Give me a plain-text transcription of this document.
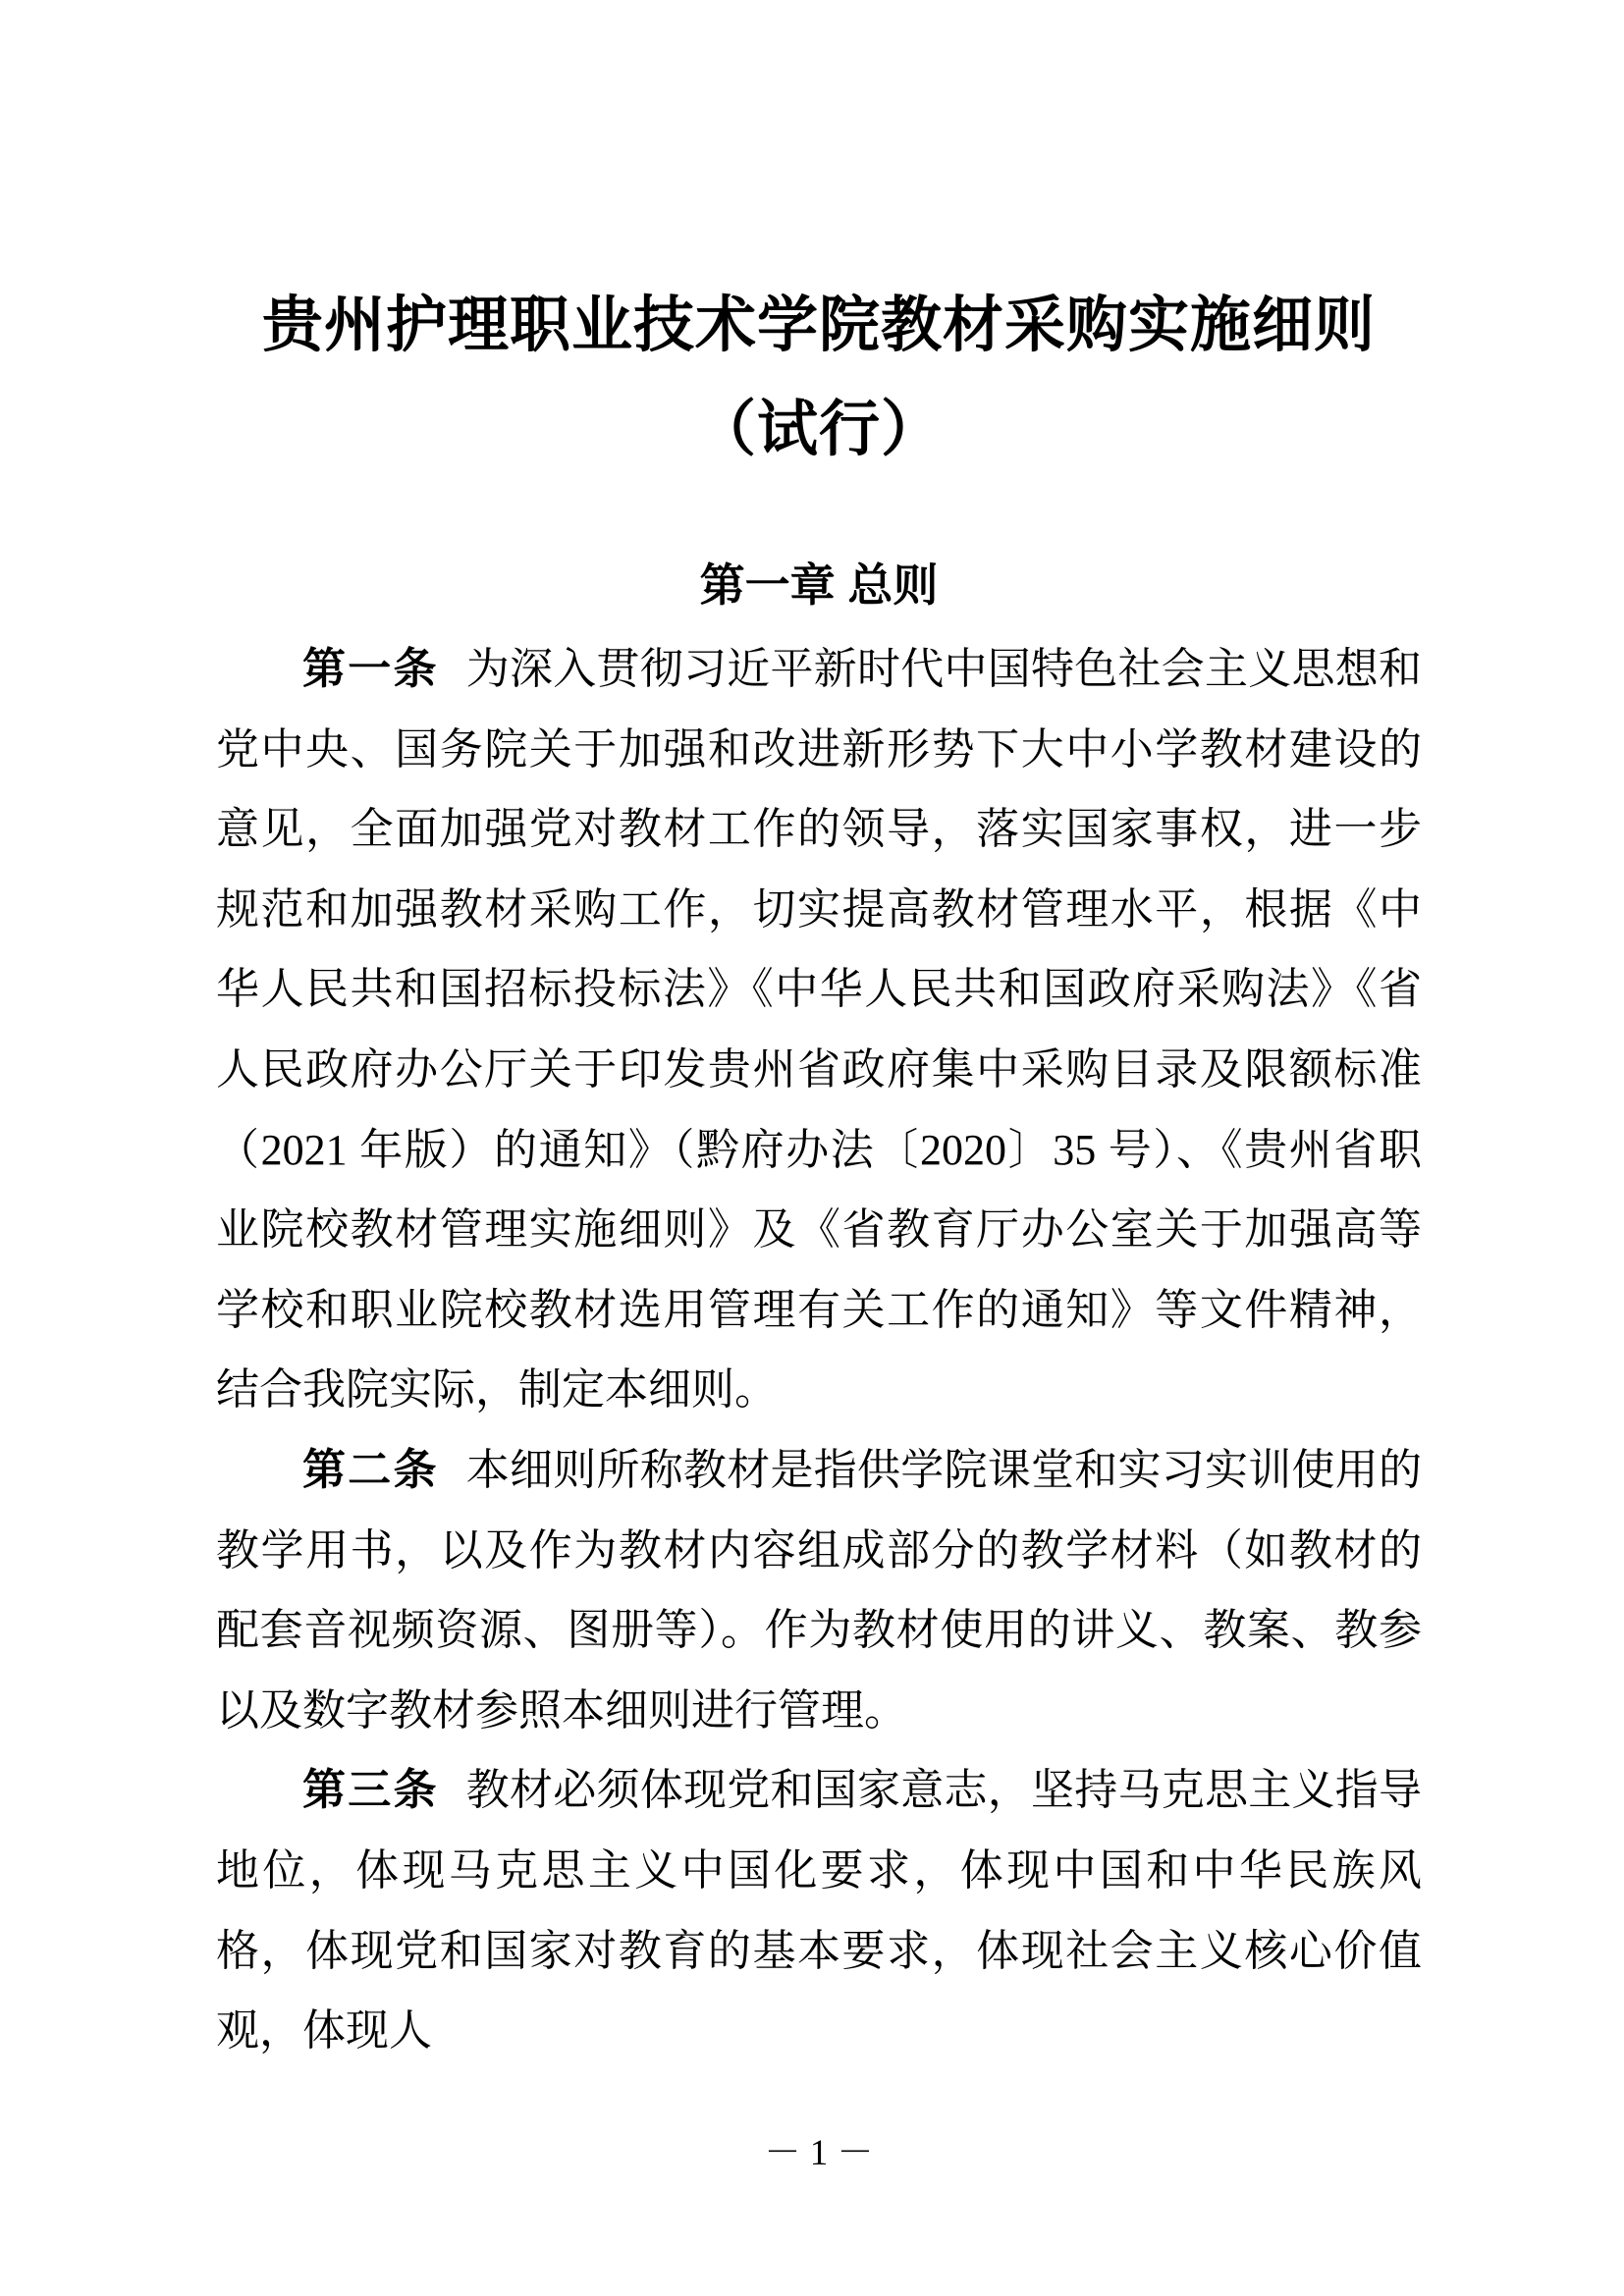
贵州护理职业技术学院教材采购实施细则
（试行）
第一章 总则

第一条 为深入贯彻习近平新时代中国特色社会主义思想和党中央、国务院关于加强和改进新形势下大中小学教材建设的意见，全面加强党对教材工作的领导，落实国家事权，进一步规范和加强教材采购工作，切实提高教材管理水平，根据《中华人民共和国招标投标法》《中华人民共和国政府采购法》《省人民政府办公厅关于印发贵州省政府集中采购目录及限额标准（2021 年版）的通知》（黔府办法〔2020〕35 号）、《贵州省职业院校教材管理实施细则》及《省教育厅办公室关于加强高等学校和职业院校教材选用管理有关工作的通知》等文件精神，结合我院实际，制定本细则。

第二条 本细则所称教材是指供学院课堂和实习实训使用的教学用书，以及作为教材内容组成部分的教学材料（如教材的配套音视频资源、图册等）。作为教材使用的讲义、教案、教参以及数字教材参照本细则进行管理。

第三条 教材必须体现党和国家意志，坚持马克思主义指导地位，体现马克思主义中国化要求，体现中国和中华民族风格，体现党和国家对教育的基本要求，体现社会主义核心价值观，体现人

－ 1 －
